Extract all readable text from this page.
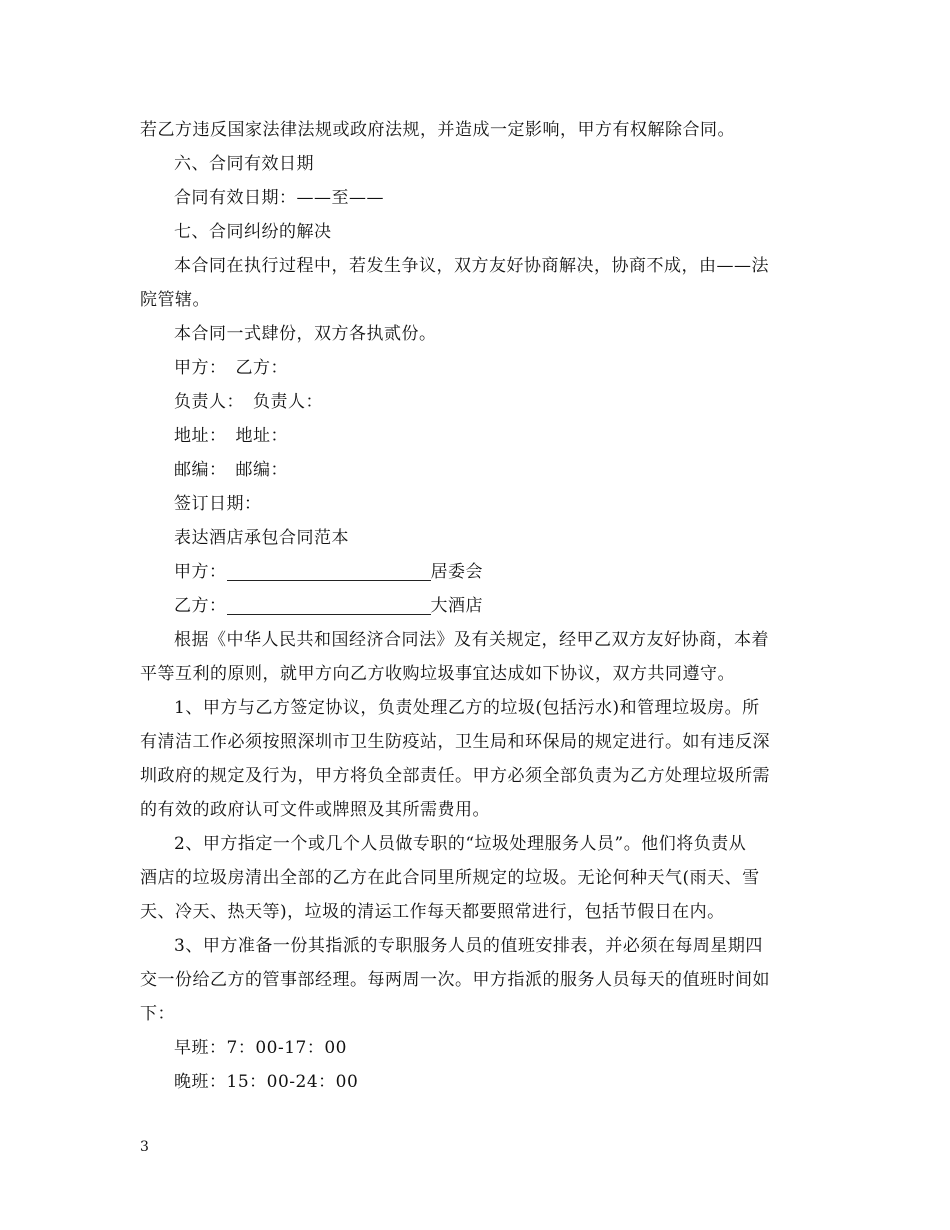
若乙方违反国家法律法规或政府法规，并造成一定影响，甲方有权解除合同。
六、合同有效日期
合同有效日期：——至——
七、合同纠纷的解决
本合同在执行过程中，若发生争议，双方友好协商解决，协商不成，由——法
院管辖。
本合同一式肆份，双方各执贰份。
甲方：　乙方：
负责人：　负责人：
地址：　地址：
邮编：　邮编：
签订日期：
表达酒店承包合同范本
甲方：	居委会
乙方：	大酒店
根据《中华人民共和国经济合同法》及有关规定，经甲乙双方友好协商，本着
平等互利的原则，就甲方向乙方收购垃圾事宜达成如下协议，双方共同遵守。
1、甲方与乙方签定协议，负责处理乙方的垃圾(包括污水)和管理垃圾房。所
有清洁工作必须按照深圳市卫生防疫站，卫生局和环保局的规定进行。如有违反深
圳政府的规定及行为，甲方将负全部责任。甲方必须全部负责为乙方处理垃圾所需
的有效的政府认可文件或牌照及其所需费用。
2、甲方指定一个或几个人员做专职的“垃圾处理服务人员”。他们将负责从
酒店的垃圾房清出全部的乙方在此合同里所规定的垃圾。无论何种天气(雨天、雪
天、冷天、热天等)，垃圾的清运工作每天都要照常进行，包括节假日在内。
3、甲方准备一份其指派的专职服务人员的值班安排表，并必须在每周星期四
交一份给乙方的管事部经理。每两周一次。甲方指派的服务人员每天的值班时间如
下：
早班：7：00-17：00
晚班：15：00-24：00
3
